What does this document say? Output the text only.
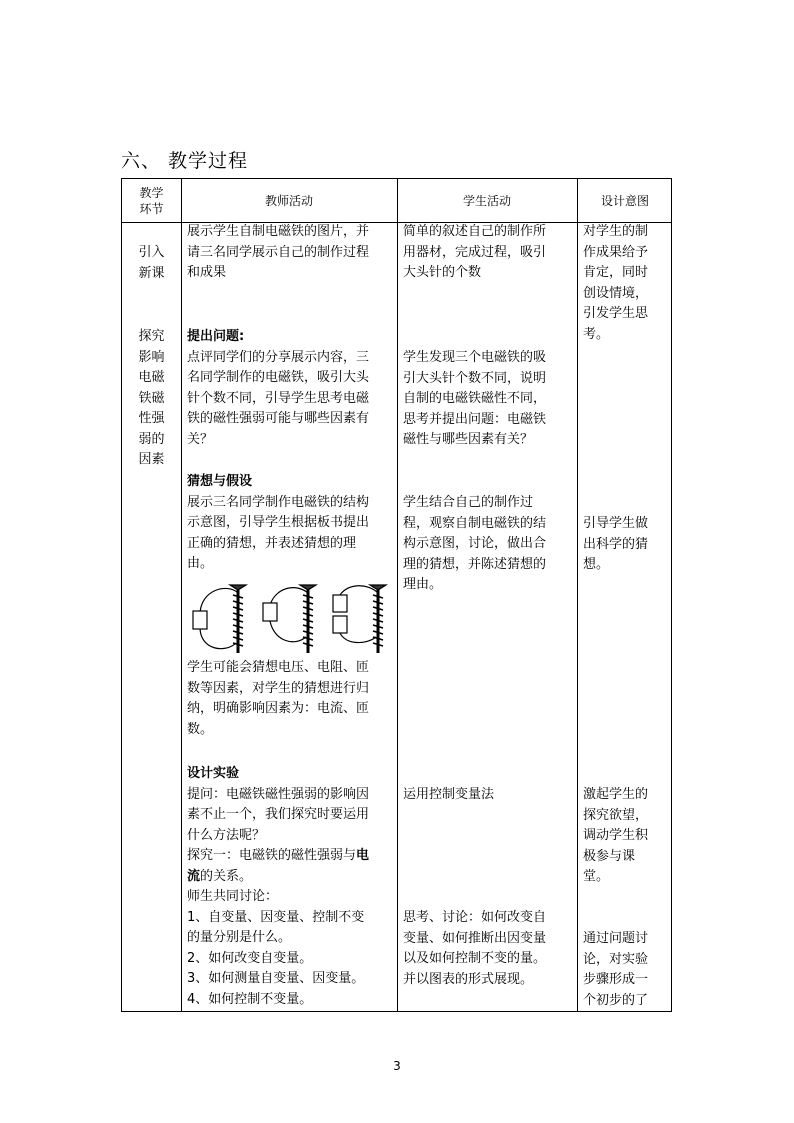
六、 教学过程
教学
环节
教师活动	学生活动	设计意图
引入
新课
探究
影响
电磁
铁磁
性强
弱的
因素
展示学生自制电磁铁的图片，并
请三名同学展示自己的制作过程
和成果
提出问题:
点评同学们的分享展示内容，三
名同学制作的电磁铁，吸引大头
针个数不同，引导学生思考电磁
铁的磁性强弱可能与哪些因素有
关？
猜想与假设
展示三名同学制作电磁铁的结构
示意图，引导学生根据板书提出
正确的猜想，并表述猜想的理
由。
学生可能会猜想电压、电阻、匝
数等因素，对学生的猜想进行归
纳，明确影响因素为：电流、匝
数。
设计实验
提问：电磁铁磁性强弱的影响因
素不止一个，我们探究时要运用
什么方法呢？
探究一：电磁铁的磁性强弱与电
流的关系。
师生共同讨论：
1、自变量、因变量、控制不变
的量分别是什么。
2、如何改变自变量。
3、如何测量自变量、因变量。
4、如何控制不变量。
简单的叙述自己的制作所
用器材，完成过程，吸引
大头针的个数
学生发现三个电磁铁的吸
引大头针个数不同，说明
自制的电磁铁磁性不同，
思考并提出问题：电磁铁
磁性与哪些因素有关？
学生结合自己的制作过
程，观察自制电磁铁的结
构示意图，讨论，做出合
理的猜想，并陈述猜想的
理由。
运用控制变量法
思考、讨论：如何改变自
变量、如何推断出因变量
以及如何控制不变的量。
并以图表的形式展现。
对学生的制
作成果给予
肯定，同时
创设情境，
引发学生思
考。
引导学生做
出科学的猜
想。
激起学生的
探究欲望，
调动学生积
极参与课
堂。
通过问题讨
论，对实验
步骤形成一
个初步的了
3
